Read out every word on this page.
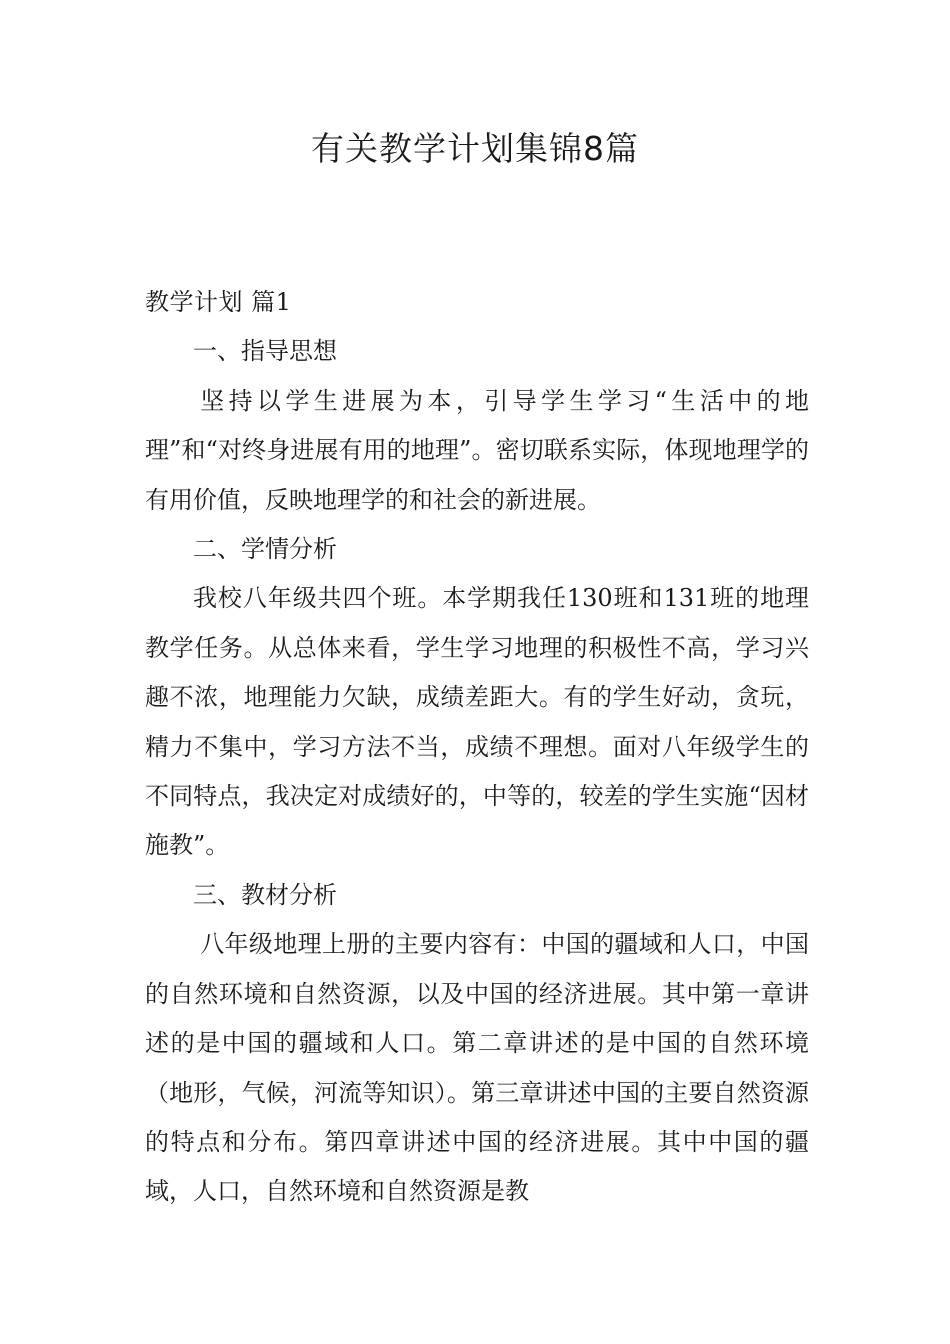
有关教学计划集锦8篇

教学计划 篇1

一、指导思想

坚持以学生进展为本，引导学生学习“生活中的地理”和“对终身进展有用的地理”。密切联系实际，体现地理学的有用价值，反映地理学的和社会的新进展。

二、学情分析

我校八年级共四个班。本学期我任130班和131班的地理教学任务。从总体来看，学生学习地理的积极性不高，学习兴趣不浓，地理能力欠缺，成绩差距大。有的学生好动，贪玩，精力不集中，学习方法不当，成绩不理想。面对八年级学生的不同特点，我决定对成绩好的，中等的，较差的学生实施“因材施教”。

三、教材分析

八年级地理上册的主要内容有：中国的疆域和人口，中国的自然环境和自然资源，以及中国的经济进展。其中第一章讲述的是中国的疆域和人口。第二章讲述的是中国的自然环境（地形，气候，河流等知识）。第三章讲述中国的主要自然资源的特点和分布。第四章讲述中国的经济进展。其中中国的疆域，人口，自然环境和自然资源是教
